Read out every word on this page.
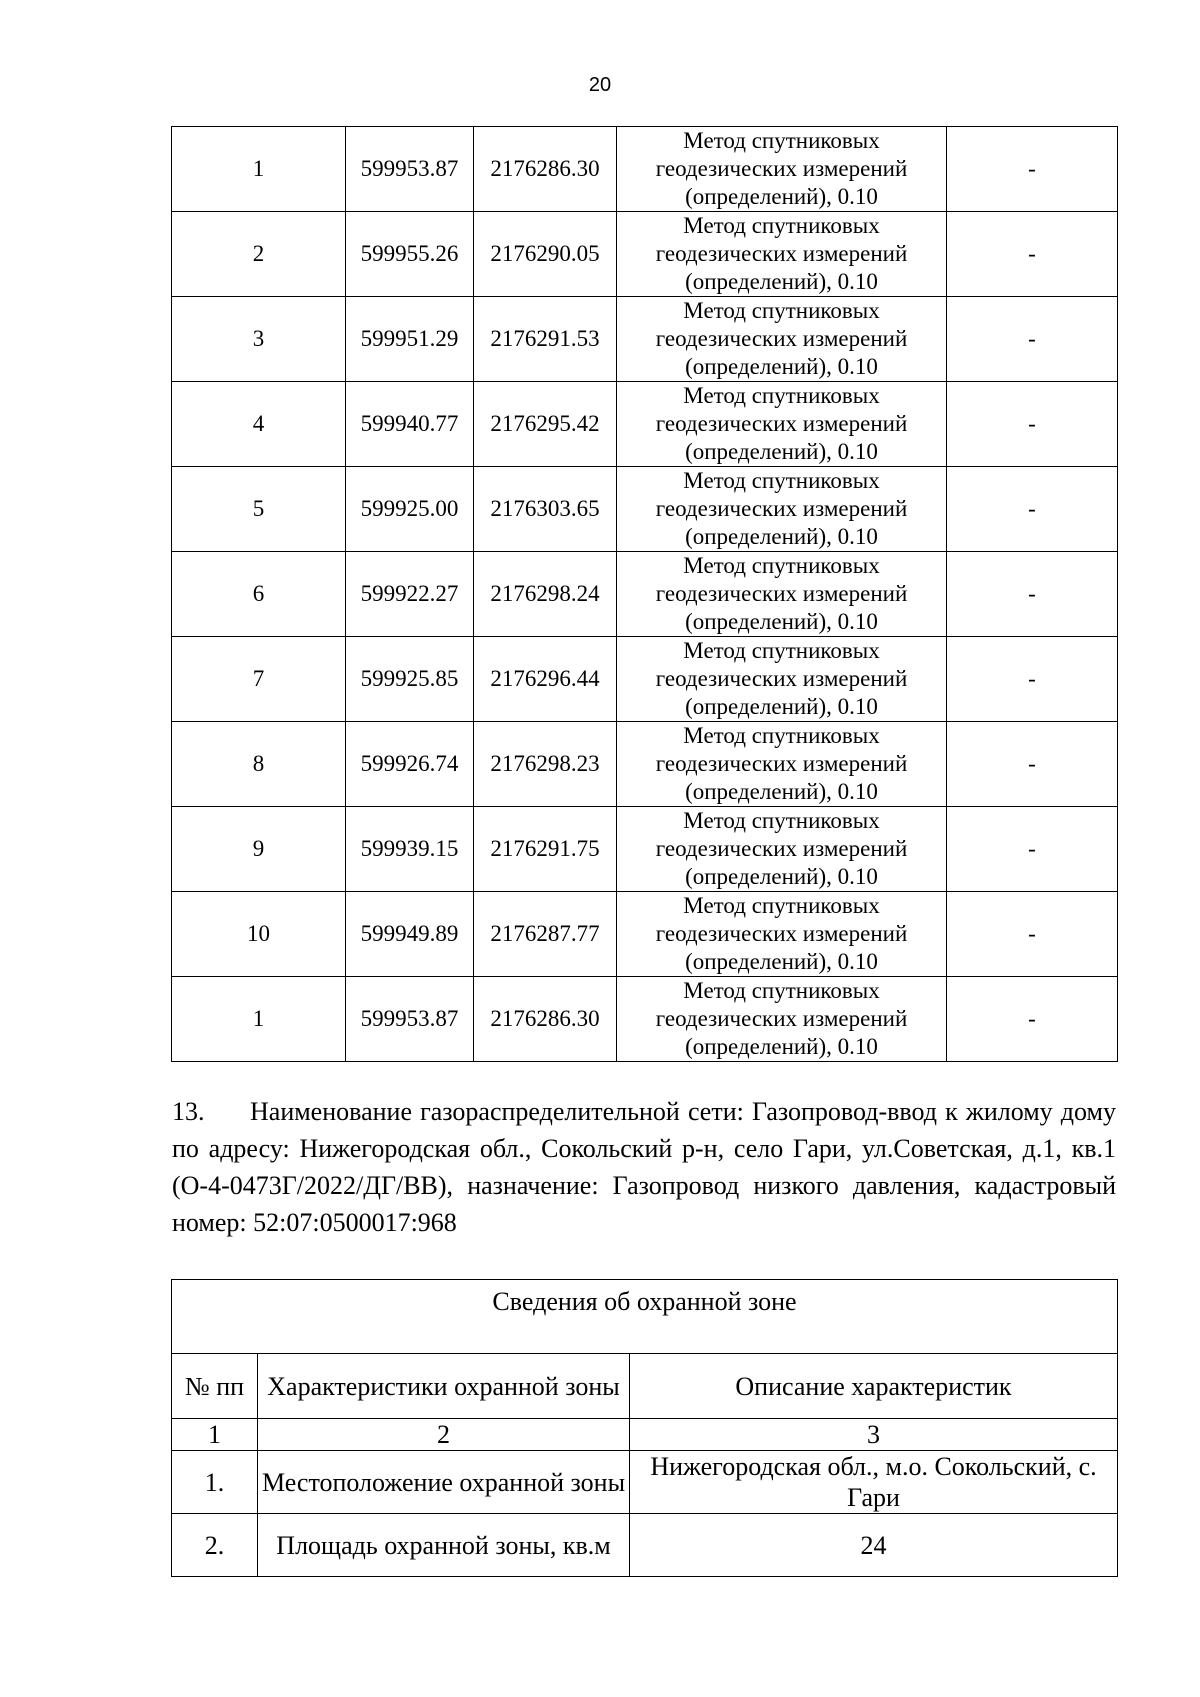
20
1	599953.87	2176286.30	Метод спутниковых геодезических измерений (определений), 0.10	-
2	599955.26	2176290.05	Метод спутниковых геодезических измерений (определений), 0.10	-
3	599951.29	2176291.53	Метод спутниковых геодезических измерений (определений), 0.10	-
4	599940.77	2176295.42	Метод спутниковых геодезических измерений (определений), 0.10	-
5	599925.00	2176303.65	Метод спутниковых геодезических измерений (определений), 0.10	-
6	599922.27	2176298.24	Метод спутниковых геодезических измерений (определений), 0.10	-
7	599925.85	2176296.44	Метод спутниковых геодезических измерений (определений), 0.10	-
8	599926.74	2176298.23	Метод спутниковых геодезических измерений (определений), 0.10	-
9	599939.15	2176291.75	Метод спутниковых геодезических измерений (определений), 0.10	-
10	599949.89	2176287.77	Метод спутниковых геодезических измерений (определений), 0.10	-
1	599953.87	2176286.30	Метод спутниковых геодезических измерений (определений), 0.10	-
13. Наименование газораспределительной сети: Газопровод-ввод к жилому дому по адресу: Нижегородская обл., Сокольский р-н, село Гари, ул.Советская, д.1, кв.1 (О-4-0473Г/2022/ДГ/ВВ), назначение: Газопровод низкого давления, кадастровый номер: 52:07:0500017:968
Сведения об охранной зоне		
№ пп	Характеристики охранной зоны	Описание характеристик
1	2	3
1.	Местоположение охранной зоны	Нижегородская обл., м.о. Сокольский, с. Гари
2.	Площадь охранной зоны, кв.м	24
